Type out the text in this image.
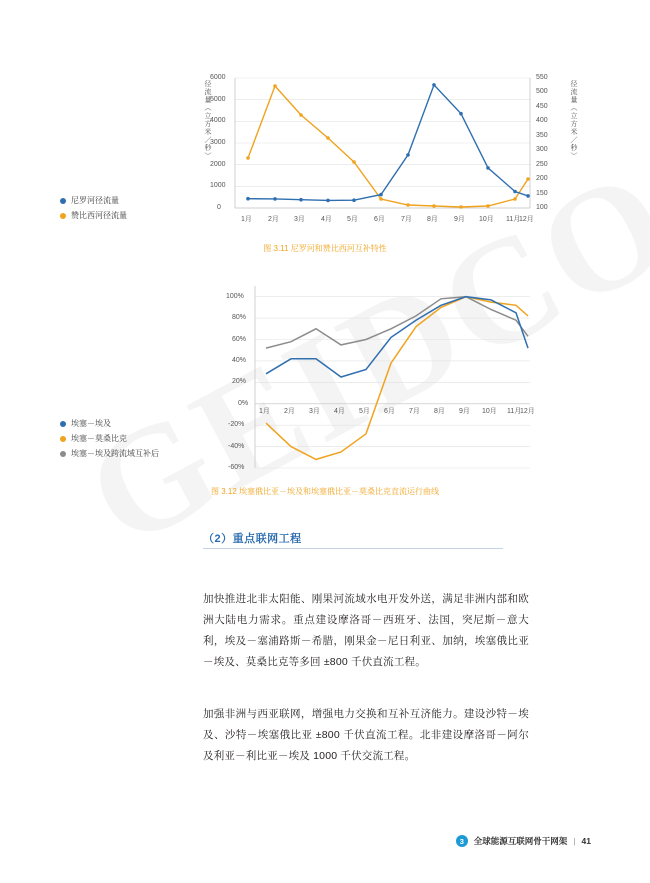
尼罗河径流量
赞比西河径流量
径流量（立方米／秒）	径流量（立方米／秒）
6000
5000
4000
3000
2000
1000
0
550
500
450
400
350
300
250
200
150
100
1月 2月 3月 4月 5月 6月 7月 8月 9月 10月 11月
12月
图 3.11 尼罗河和赞比西河互补特性
埃塞－埃及
埃塞－莫桑比克
埃塞－埃及跨流域互补后
100%
80%
60%
40%
20%
0%
-20%
-40%
-60%
1月 2月 3月 4月 5月 6月 7月 8月 9月 10月 11月
12月
图 3.12 埃塞俄比亚－埃及和埃塞俄比亚－莫桑比克直流运行曲线
（2）重点联网工程

加快推进北非太阳能、刚果河流域水电开发外送，满足非洲内部和欧洲大陆电力需求。重点建设摩洛哥－西班牙、法国，突尼斯－意大利，埃及－塞浦路斯－希腊，刚果金－尼日利亚、加纳，埃塞俄比亚－埃及、莫桑比克等多回 ±800 千伏直流工程。

加强非洲与西亚联网，增强电力交换和互补互济能力。建设沙特－埃及、沙特－埃塞俄比亚 ±800 千伏直流工程。北非建设摩洛哥－阿尔及利亚－利比亚－埃及 1000 千伏交流工程。

3	全球能源互联网骨干网架 | 41
